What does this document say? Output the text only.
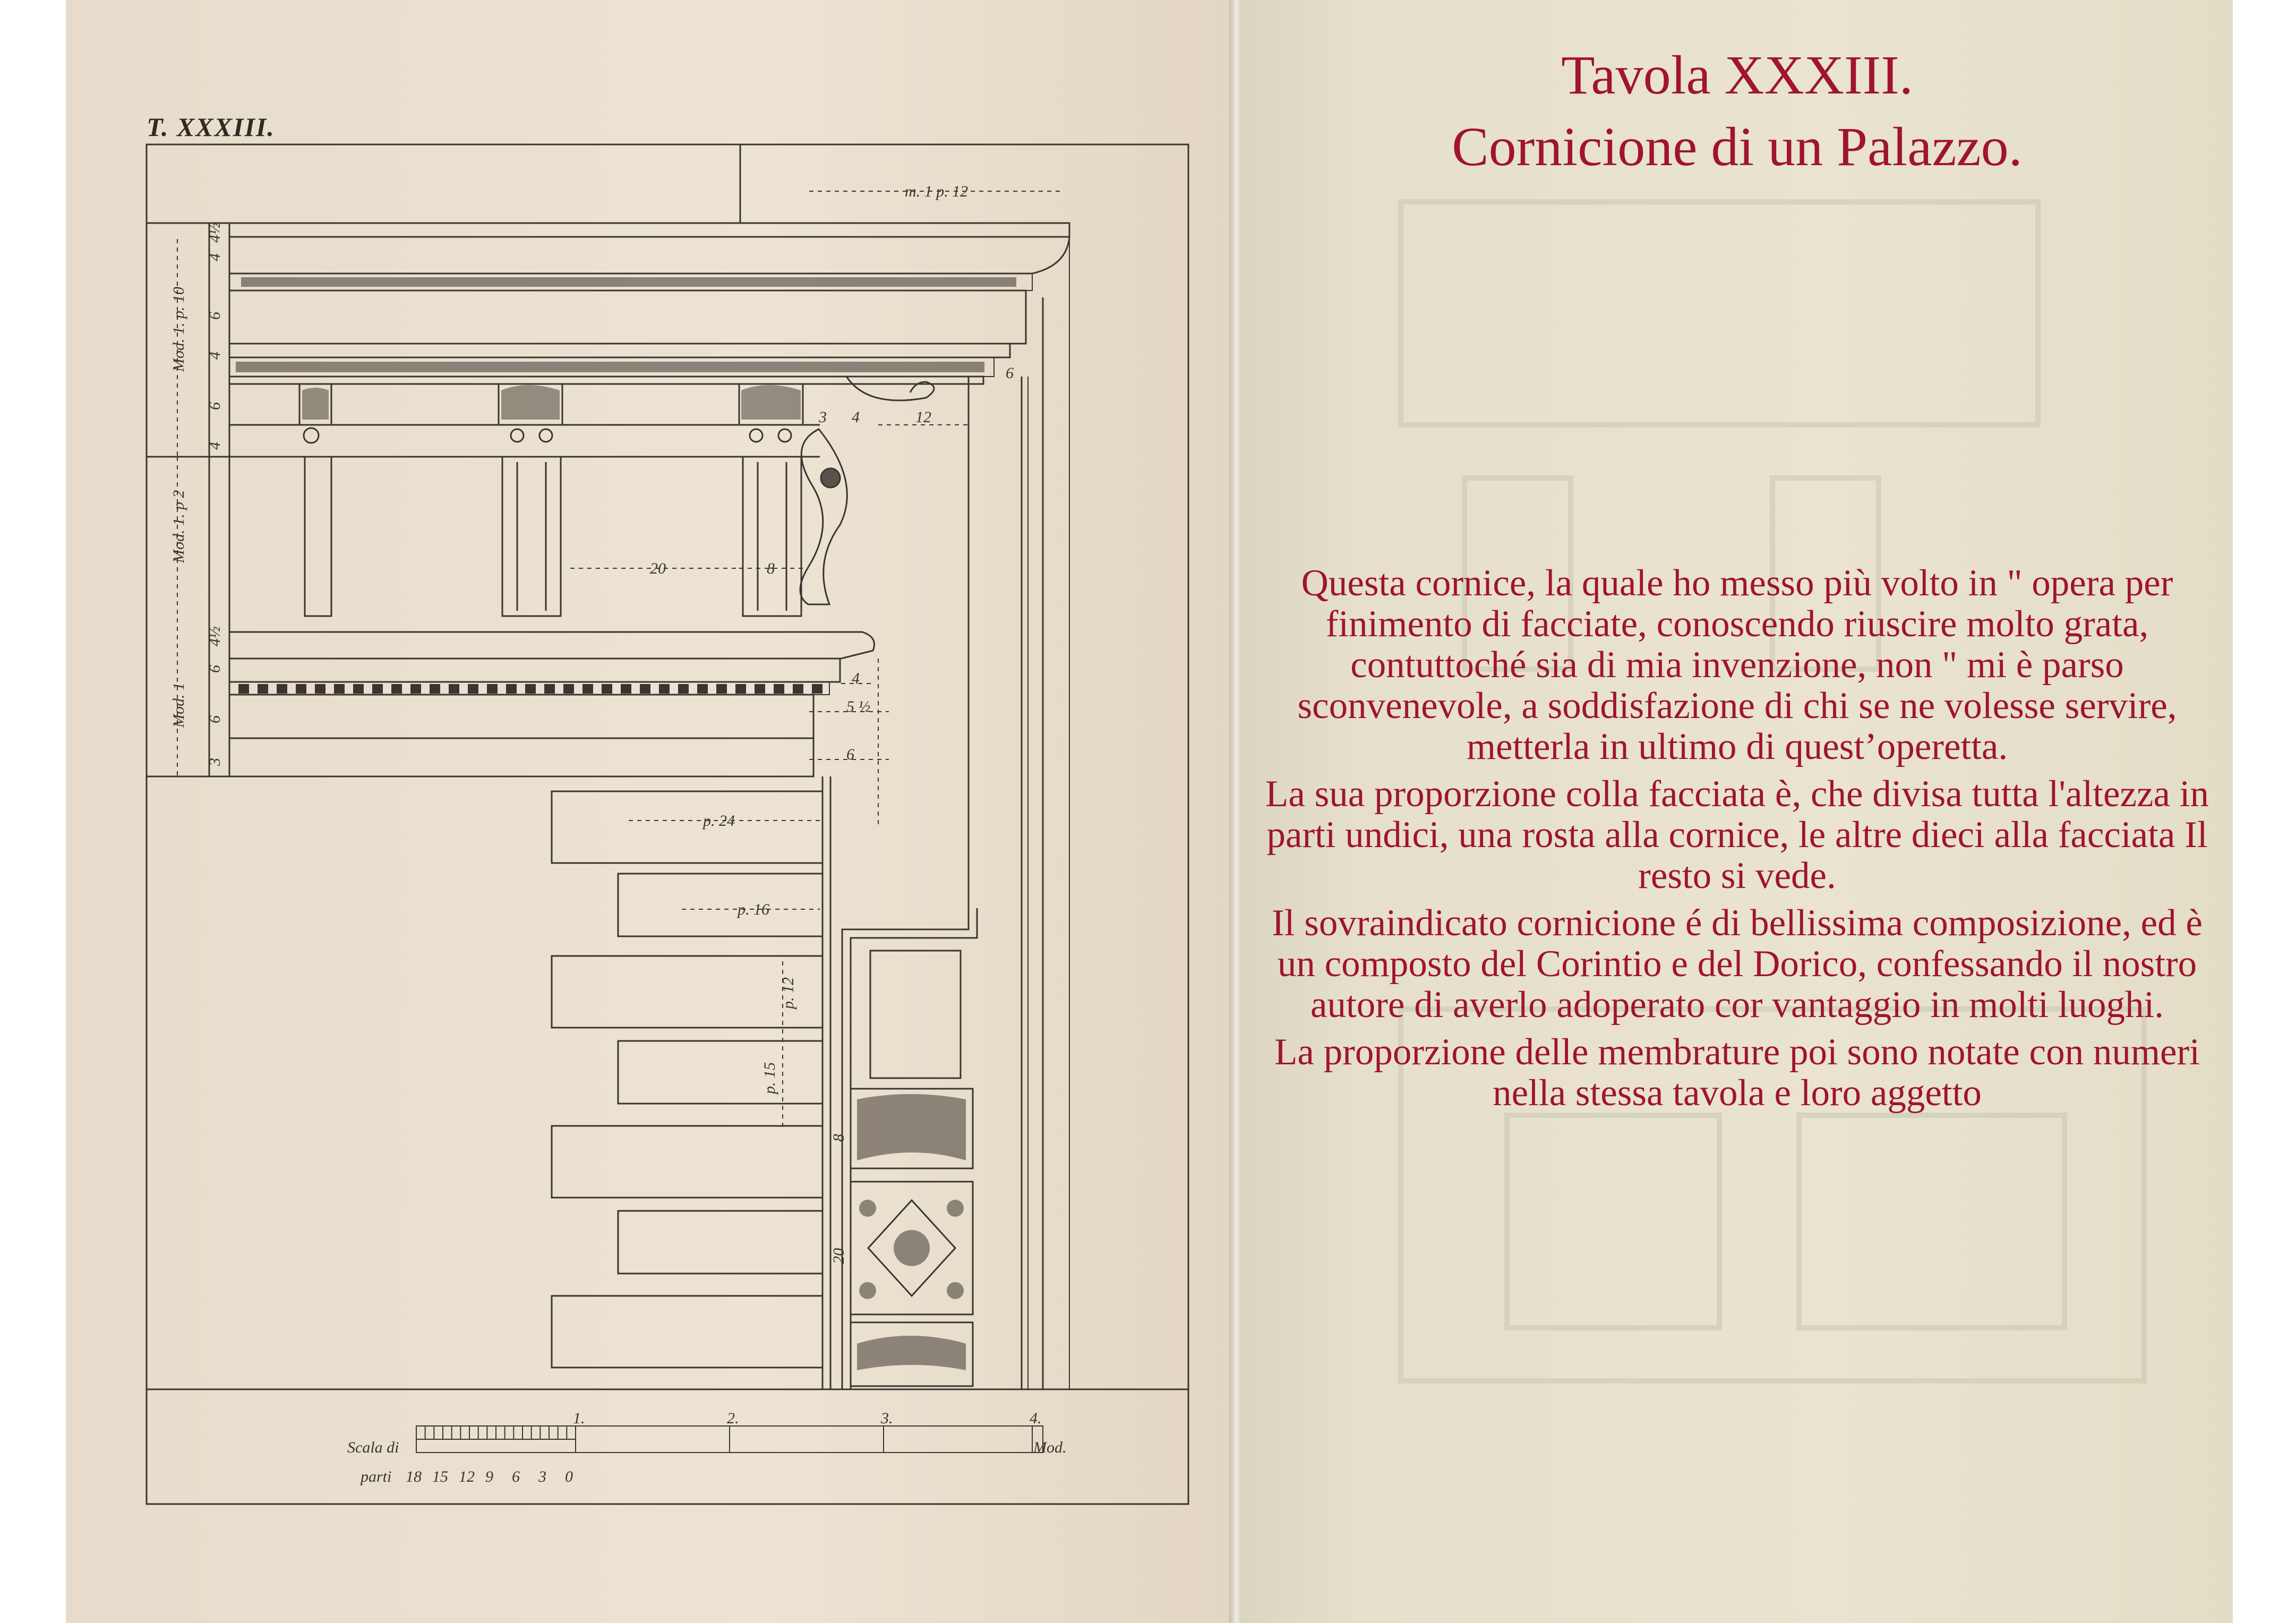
m. 1 p. 12
20	8
3 4	12
6
4
5 ½
6
p. 24
p. 16
p. 12
p. 15
8
20
Mod. 1. p. 10
Mod. 1. p 2
Mod. 1
4½
4
6
4
6
4
4½
6
6
3
Scala di
parti
Mod.
18 15 12 9 6 3 0
1.	2.	3.	4.
T. XXXIII.
Tavola XXXIII.
Cornicione di un Palazzo.

Questa cornice, la quale ho messo più volto in " opera per finimento di facciate, conoscendo riuscire molto grata, contuttoché sia di mia invenzione, non " mi è parso sconvenevole, a soddisfazione di chi se ne volesse servire, metterla in ultimo di quest’operetta.

La sua proporzione colla facciata è, che divisa tutta l'altezza in parti undici, una rosta alla cornice, le altre dieci alla facciata Il resto si vede.

Il sovraindicato cornicione é di bellissima composizione, ed è un composto del Corintio e del Dorico, confessando il nostro autore di averlo adoperato cor vantaggio in molti luoghi.

La proporzione delle membrature poi sono notate con numeri nella stessa tavola e loro aggetto
